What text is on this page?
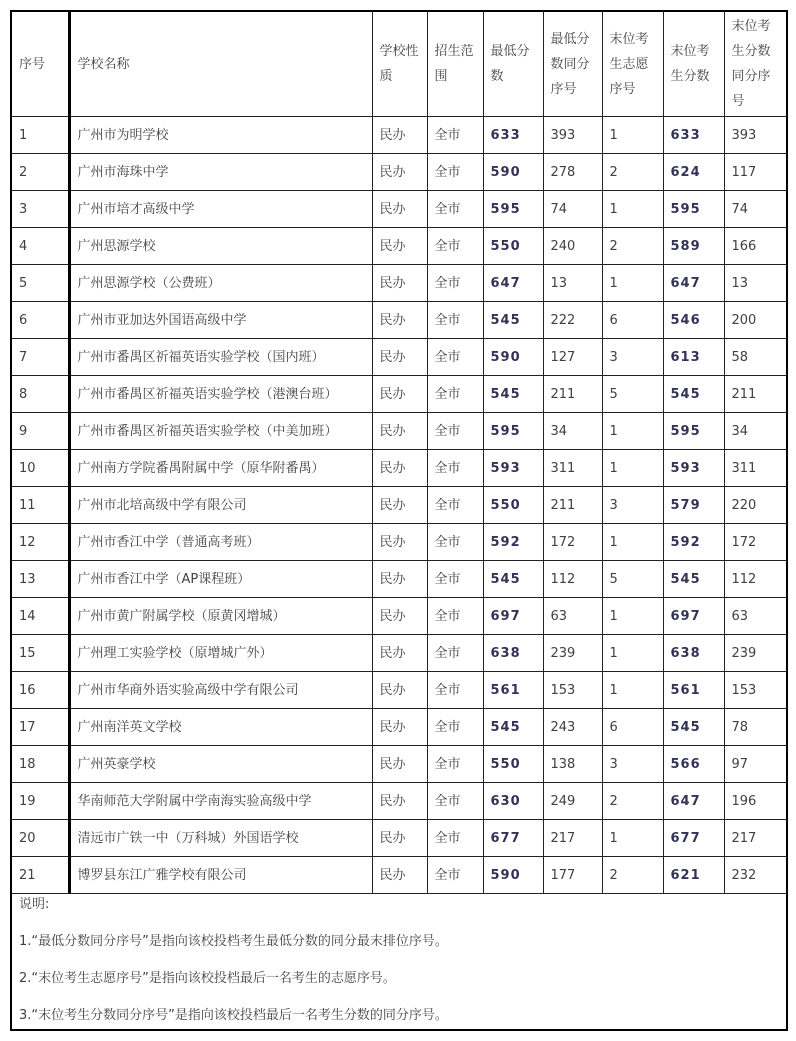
序号	学校名称	学校性质	招生范围	最低分数	最低分数同分序号	末位考生志愿序号	末位考生分数	末位考生分数同分序号
1	广州市为明学校	民办	全市	633	393	1	633	393
2	广州市海珠中学	民办	全市	590	278	2	624	117
3	广州市培才高级中学	民办	全市	595	74	1	595	74
4	广州思源学校	民办	全市	550	240	2	589	166
5	广州思源学校（公费班）	民办	全市	647	13	1	647	13
6	广州市亚加达外国语高级中学	民办	全市	545	222	6	546	200
7	广州市番禺区祈福英语实验学校（国内班）	民办	全市	590	127	3	613	58
8	广州市番禺区祈福英语实验学校（港澳台班）	民办	全市	545	211	5	545	211
9	广州市番禺区祈福英语实验学校（中美加班）	民办	全市	595	34	1	595	34
10	广州南方学院番禺附属中学（原华附番禺）	民办	全市	593	311	1	593	311
11	广州市北培高级中学有限公司	民办	全市	550	211	3	579	220
12	广州市香江中学（普通高考班）	民办	全市	592	172	1	592	172
13	广州市香江中学（AP课程班）	民办	全市	545	112	5	545	112
14	广州市黄广附属学校（原黄冈增城）	民办	全市	697	63	1	697	63
15	广州理工实验学校（原增城广外）	民办	全市	638	239	1	638	239
16	广州市华商外语实验高级中学有限公司	民办	全市	561	153	1	561	153
17	广州南洋英文学校	民办	全市	545	243	6	545	78
18	广州英豪学校	民办	全市	550	138	3	566	97
19	华南师范大学附属中学南海实验高级中学	民办	全市	630	249	2	647	196
20	清远市广铁一中（万科城）外国语学校	民办	全市	677	217	1	677	217
21	博罗县东江广雅学校有限公司	民办	全市	590	177	2	621	232

说明:

1.“最低分数同分序号”是指向该校投档考生最低分数的同分最末排位序号。

2.“末位考生志愿序号”是指向该校投档最后一名考生的志愿序号。

3.“末位考生分数同分序号”是指向该校投档最后一名考生分数的同分序号。								
